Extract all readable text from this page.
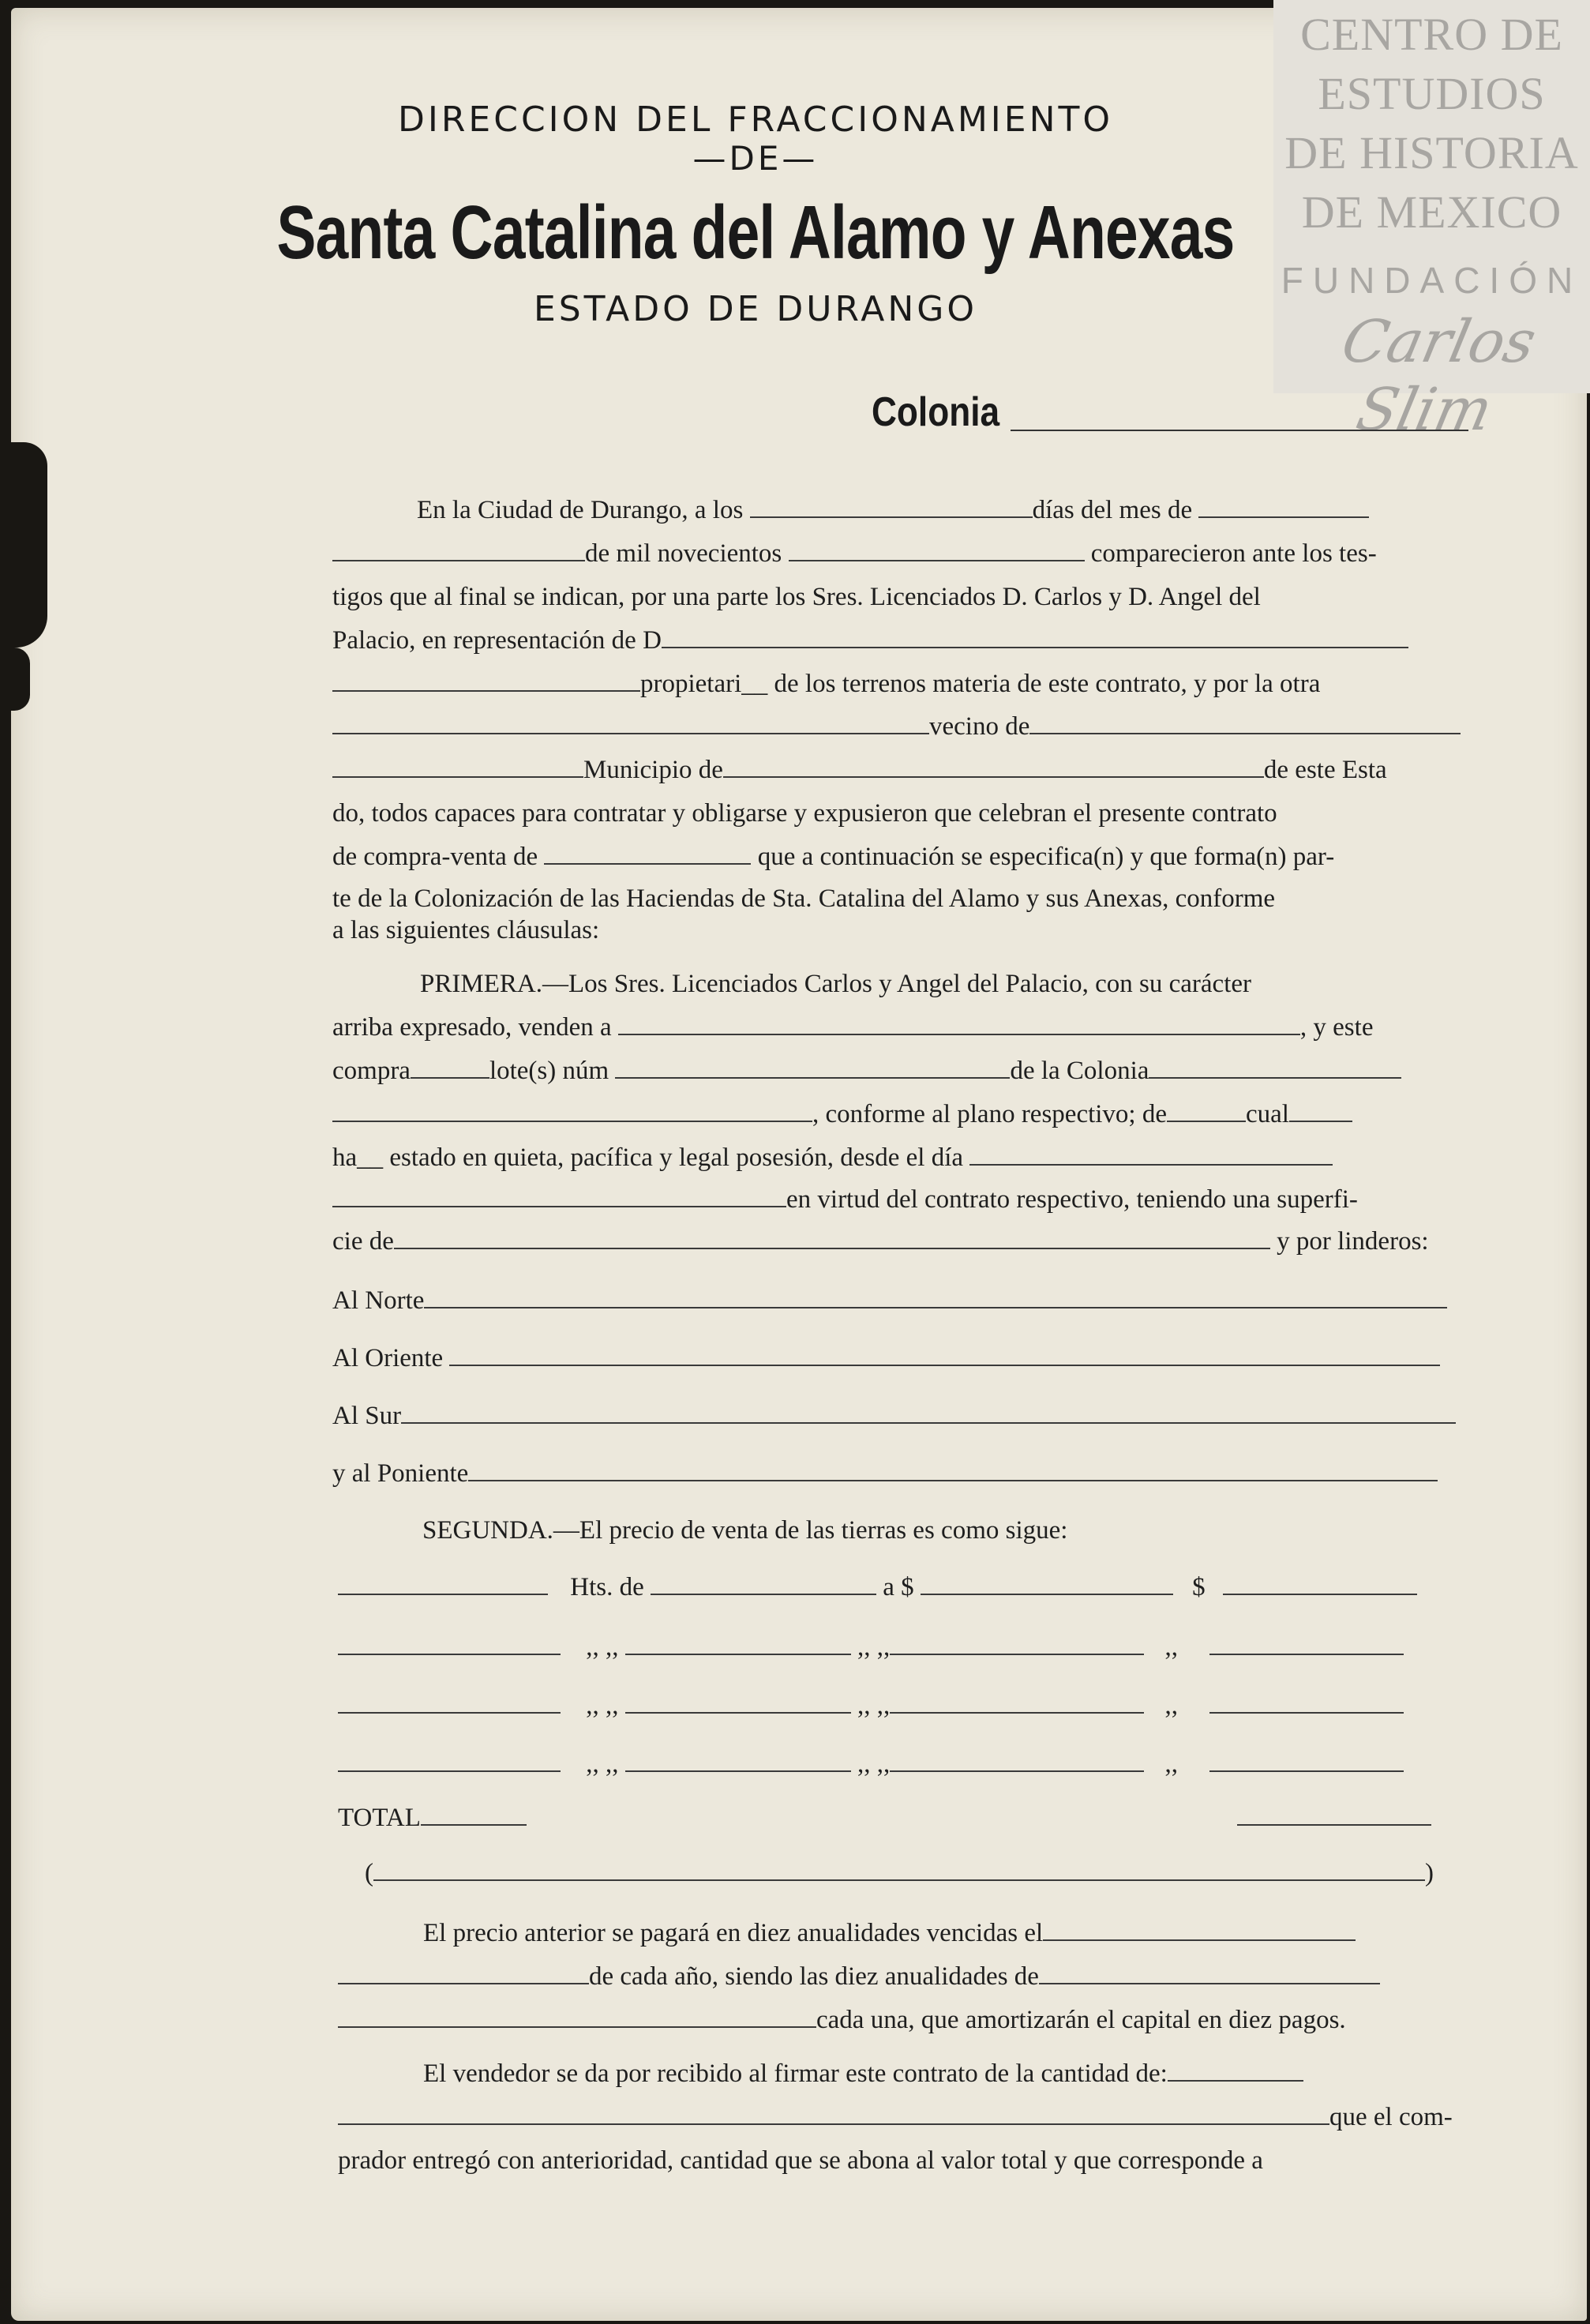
CENTRO DE
ESTUDIOS
DE HISTORIA
DE MEXICO
FUNDACIÓN
Carlos Slim
DIRECCION DEL FRACCIONAMIENTO
—DE—
Santa Catalina del Alamo y Anexas
ESTADO DE DURANGO
Colonia
En la Ciudad de Durango, a los	días del mes de
de mil novecientos	comparecieron ante los tes-
tigos que al final se indican, por una parte los Sres. Licenciados D. Carlos y D. Angel del
Palacio, en representación de D
propietari__ de los terrenos materia de este contrato, y por la otra
vecino de
Municipio de	de este Esta
do, todos capaces para contratar y obligarse y expusieron que celebran el presente contrato
de compra-venta de	que a continuación se especifica(n) y que forma(n) par-
te de la Colonización de las Haciendas de Sta. Catalina del Alamo y sus Anexas, conforme
a las siguientes cláusulas:
PRIMERA.—Los Sres. Licenciados Carlos y Angel del Palacio, con su carácter
arriba expresado, venden a	, y este
compra	lote(s) núm	de la Colonia
, conforme al plano respectivo; de	cual
ha__ estado en quieta, pacífica y legal posesión, desde el día
en virtud del contrato respectivo, teniendo una superfi-
cie de	y por linderos:
Al Norte
Al Oriente
Al Sur
y al Poniente
SEGUNDA.—El precio de venta de las tierras es como sigue:
Hts. de	a $	$
,, ,,	,, ,,	,,
,, ,,	,, ,,	,,
,, ,,	,, ,,	,,
TOTAL
(	)
El precio anterior se pagará en diez anualidades vencidas el
de cada año, siendo las diez anualidades de
cada una, que amortizarán el capital en diez pagos.
El vendedor se da por recibido al firmar este contrato de la cantidad de:
que el com-
prador entregó con anterioridad, cantidad que se abona al valor total y que corresponde a
